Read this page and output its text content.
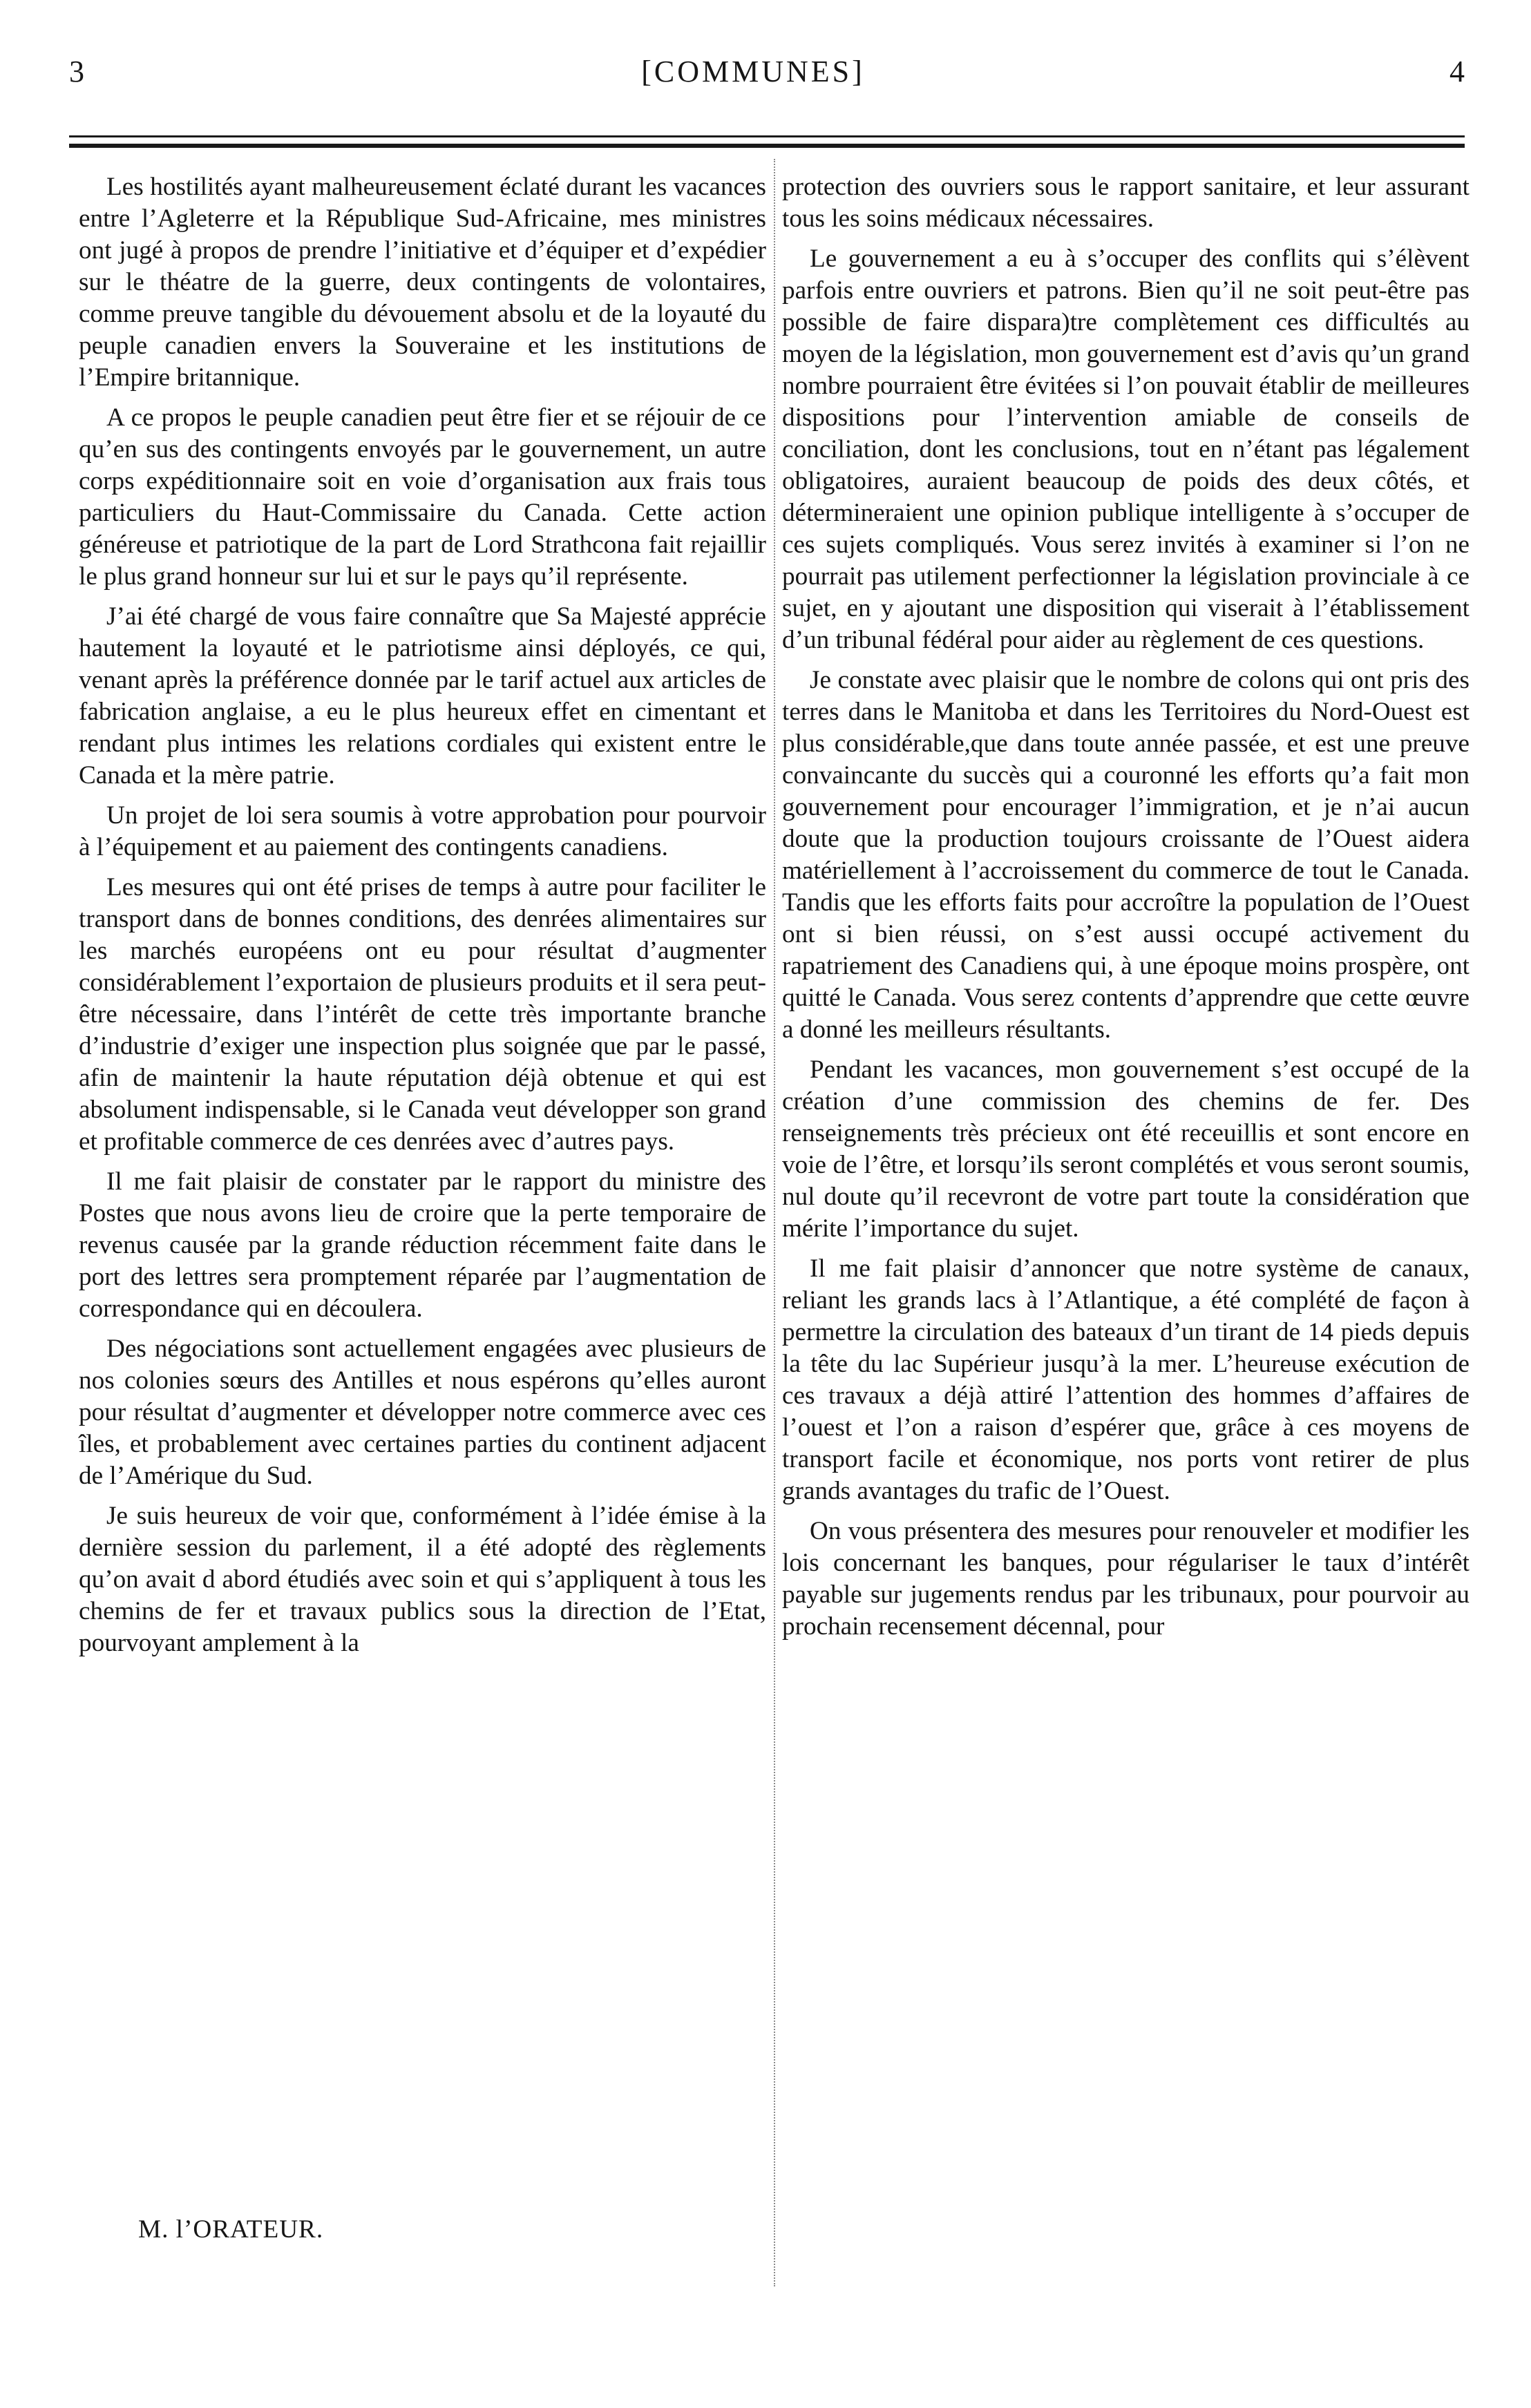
3	[COMMUNES]	4

Les hostilités ayant malheureusement éclaté durant les vacances entre l’Agleterre et la République Sud-Africaine, mes ministres ont jugé à propos de prendre l’initiative et d’équiper et d’expédier sur le théatre de la guerre, deux contingents de volontaires, comme preuve tangible du dévouement absolu et de la loyauté du peuple canadien envers la Souveraine et les institutions de l’Empire britannique.

A ce propos le peuple canadien peut être fier et se réjouir de ce qu’en sus des contingents envoyés par le gouvernement, un autre corps expéditionnaire soit en voie d’organisation aux frais tous particuliers du Haut-Commissaire du Canada. Cette action généreuse et patriotique de la part de Lord Strathcona fait rejaillir le plus grand honneur sur lui et sur le pays qu’il représente.

J’ai été chargé de vous faire connaître que Sa Majesté apprécie hautement la loyauté et le patriotisme ainsi déployés, ce qui, venant après la préférence donnée par le tarif actuel aux articles de fabrication anglaise, a eu le plus heureux effet en cimentant et rendant plus intimes les relations cordiales qui existent entre le Canada et la mère patrie.

Un projet de loi sera soumis à votre approbation pour pourvoir à l’équipement et au paiement des contingents canadiens.

Les mesures qui ont été prises de temps à autre pour faciliter le transport dans de bonnes conditions, des denrées alimentaires sur les marchés européens ont eu pour résultat d’augmenter considérablement l’exportaion de plusieurs produits et il sera peut-être nécessaire, dans l’intérêt de cette très importante branche d’industrie d’exiger une inspection plus soignée que par le passé, afin de maintenir la haute réputation déjà obtenue et qui est absolument indispensable, si le Canada veut développer son grand et profitable commerce de ces denrées avec d’autres pays.

Il me fait plaisir de constater par le rapport du ministre des Postes que nous avons lieu de croire que la perte temporaire de revenus causée par la grande réduction récemment faite dans le port des lettres sera promptement réparée par l’augmentation de correspondance qui en découlera.

Des négociations sont actuellement engagées avec plusieurs de nos colonies sœurs des Antilles et nous espérons qu’elles auront pour résultat d’augmenter et développer notre commerce avec ces îles, et probablement avec certaines parties du continent adjacent de l’Amérique du Sud.

Je suis heureux de voir que, conformément à l’idée émise à la dernière session du parlement, il a été adopté des règlements qu’on avait d abord étudiés avec soin et qui s’appliquent à tous les chemins de fer et travaux publics sous la direction de l’Etat, pourvoyant amplement à la

protection des ouvriers sous le rapport sanitaire, et leur assurant tous les soins médicaux nécessaires.

Le gouvernement a eu à s’occuper des conflits qui s’élèvent parfois entre ouvriers et patrons. Bien qu’il ne soit peut-être pas possible de faire dispara)tre complètement ces difficultés au moyen de la législation, mon gouvernement est d’avis qu’un grand nombre pourraient être évitées si l’on pouvait établir de meilleures dispositions pour l’intervention amiable de conseils de conciliation, dont les conclusions, tout en n’étant pas légalement obligatoires, auraient beaucoup de poids des deux côtés, et détermineraient une opinion publique intelligente à s’occuper de ces sujets compliqués. Vous serez invités à examiner si l’on ne pourrait pas utilement perfectionner la législation provinciale à ce sujet, en y ajoutant une disposition qui viserait à l’établissement d’un tribunal fédéral pour aider au règlement de ces questions.

Je constate avec plaisir que le nombre de colons qui ont pris des terres dans le Manitoba et dans les Territoires du Nord-Ouest est plus considérable,que dans toute année passée, et est une preuve convaincante du succès qui a couronné les efforts qu’a fait mon gouvernement pour encourager l’immigration, et je n’ai aucun doute que la production toujours croissante de l’Ouest aidera matériellement à l’accroissement du commerce de tout le Canada. Tandis que les efforts faits pour accroître la population de l’Ouest ont si bien réussi, on s’est aussi occupé activement du rapatriement des Canadiens qui, à une époque moins prospère, ont quitté le Canada. Vous serez contents d’apprendre que cette œuvre a donné les meilleurs résultants.

Pendant les vacances, mon gouvernement s’est occupé de la création d’une commission des chemins de fer. Des renseignements très précieux ont été receuillis et sont encore en voie de l’être, et lorsqu’ils seront complétés et vous seront soumis, nul doute qu’il recevront de votre part toute la considération que mérite l’importance du sujet.

Il me fait plaisir d’annoncer que notre système de canaux, reliant les grands lacs à l’Atlantique, a été complété de façon à permettre la circulation des bateaux d’un tirant de 14 pieds depuis la tête du lac Supérieur jusqu’à la mer. L’heureuse exécution de ces travaux a déjà attiré l’attention des hommes d’affaires de l’ouest et l’on a raison d’espérer que, grâce à ces moyens de transport facile et économique, nos ports vont retirer de plus grands avantages du trafic de l’Ouest.

On vous présentera des mesures pour renouveler et modifier les lois concernant les banques, pour régulariser le taux d’intérêt payable sur jugements rendus par les tribunaux, pour pourvoir au prochain recensement décennal, pour

M. l’ORATEUR.
